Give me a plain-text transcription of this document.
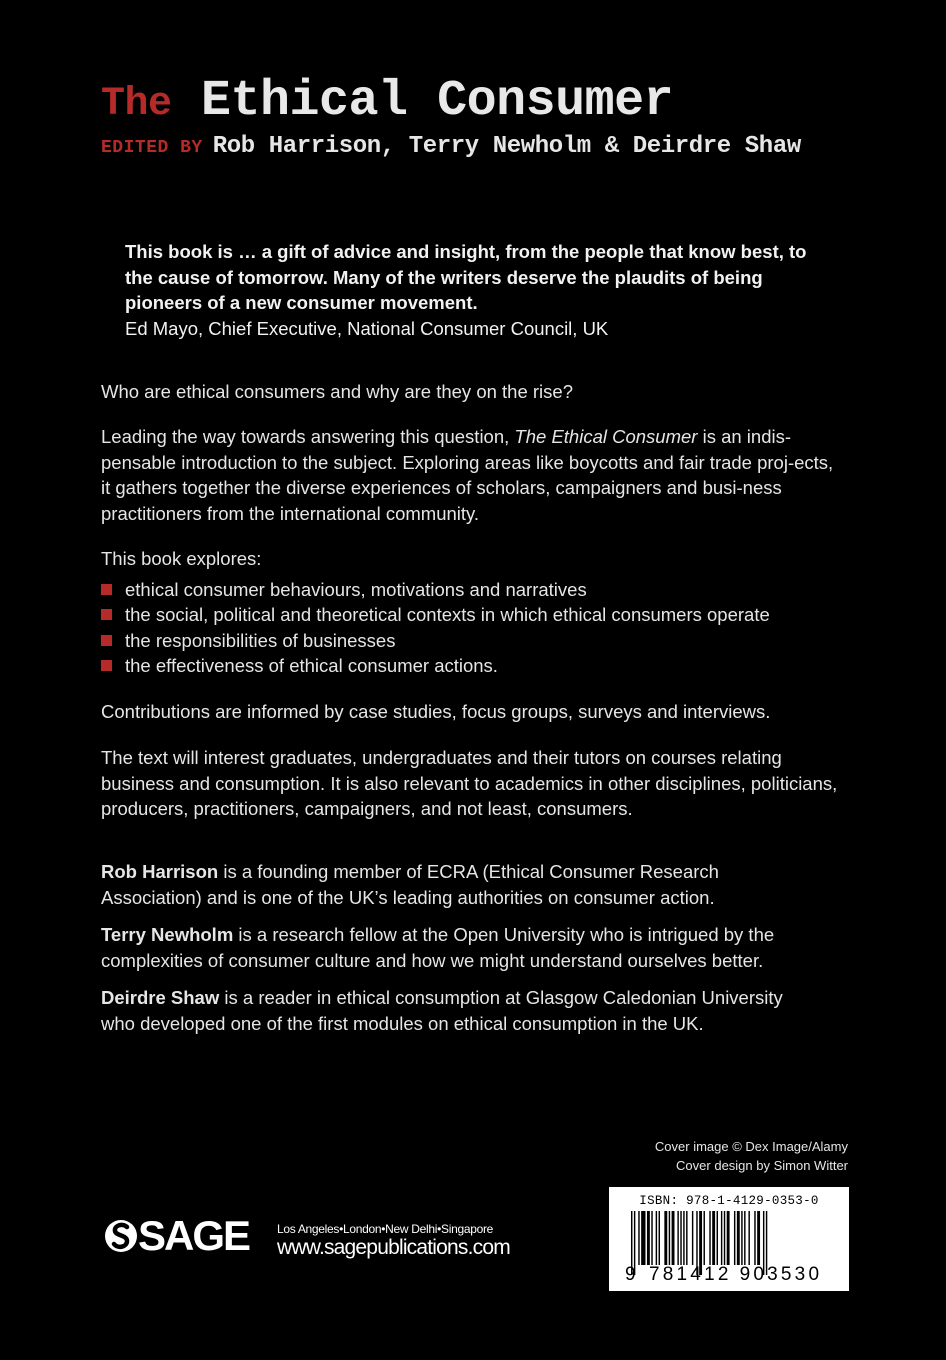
The Ethical Consumer
EDITED BY Rob Harrison, Terry Newholm & Deirdre Shaw
This book is … a gift of advice and insight, from the people that know best, to the cause of tomorrow. Many of the writers deserve the plaudits of being pioneers of a new consumer movement.
Ed Mayo, Chief Executive, National Consumer Council, UK

Who are ethical consumers and why are they on the rise?

Leading the way towards answering this question, The Ethical Consumer is an indis-pensable introduction to the subject. Exploring areas like boycotts and fair trade proj-ects, it gathers together the diverse experiences of scholars, campaigners and busi-ness practitioners from the international community.

This book explores:

ethical consumer behaviours, motivations and narratives
the social, political and theoretical contexts in which ethical consumers operate
the responsibilities of businesses
the effectiveness of ethical consumer actions.

Contributions are informed by case studies, focus groups, surveys and interviews.

The text will interest graduates, undergraduates and their tutors on courses relating business and consumption. It is also relevant to academics in other disciplines, politicians, producers, practitioners, campaigners, and not least, consumers.

Rob Harrison is a founding member of ECRA (Ethical Consumer Research Association) and is one of the UK’s leading authorities on consumer action.

Terry Newholm is a research fellow at the Open University who is intrigued by the complexities of consumer culture and how we might understand ourselves better.

Deirdre Shaw is a reader in ethical consumption at Glasgow Caledonian University who developed one of the first modules on ethical consumption in the UK.

Cover image © Dex Image/Alamy
Cover design by Simon Witter
SAGE Los Angeles•London•New Delhi•Singapore
www.sagepublications.com
ISBN: 978-1-4129-0353-0
9 781412 903530
